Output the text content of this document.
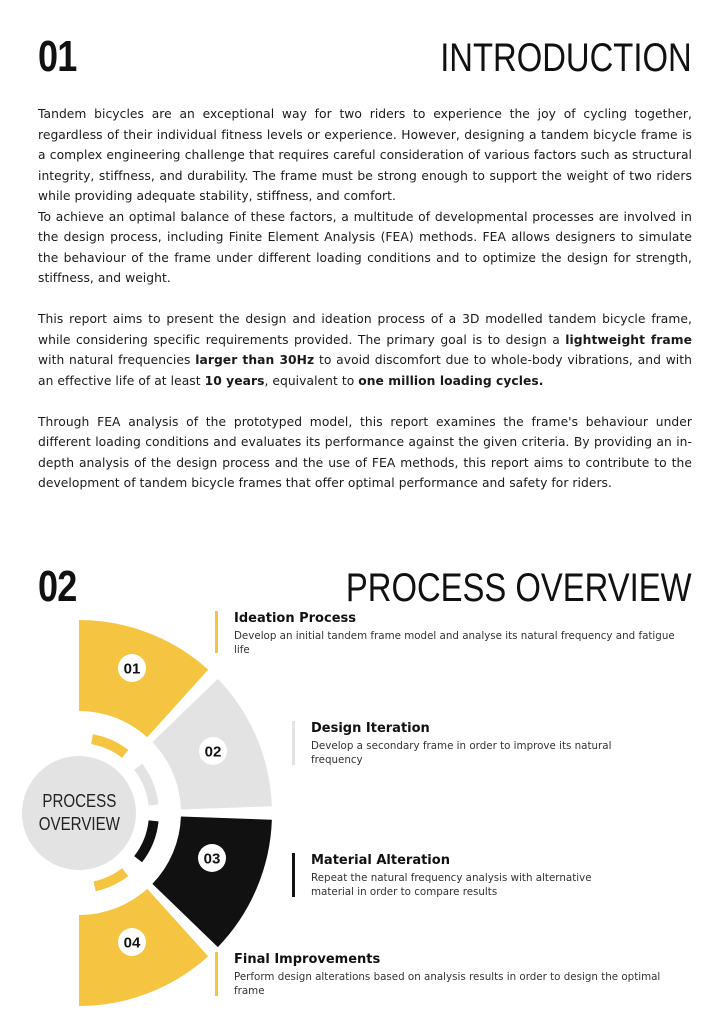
01	INTRODUCTION

Tandem bicycles are an exceptional way for two riders to experience the joy of cycling together, regardless of their individual fitness levels or experience. However, designing a tandem bicycle frame is a complex engineering challenge that requires careful consideration of various factors such as structural integrity, stiffness, and durability. The frame must be strong enough to support the weight of two riders while providing adequate stability, stiffness, and comfort.

To achieve an optimal balance of these factors, a multitude of developmental processes are involved in the design process, including Finite Element Analysis (FEA) methods. FEA allows designers to simulate the behaviour of the frame under different loading conditions and to optimize the design for strength, stiffness, and weight.

This report aims to present the design and ideation process of a 3D modelled tandem bicycle frame, while considering specific requirements provided. The primary goal is to design a lightweight frame with natural frequencies larger than 30Hz to avoid discomfort due to whole-body vibrations, and with an effective life of at least 10 years, equivalent to one million loading cycles.

Through FEA analysis of the prototyped model, this report examines the frame's behaviour under different loading conditions and evaluates its performance against the given criteria. By providing an in-depth analysis of the design process and the use of FEA methods, this report aims to contribute to the development of tandem bicycle frames that offer optimal performance and safety for riders.

02	PROCESS OVERVIEW
01
02
03
04
PROCESS
OVERVIEW
Ideation Process
Develop an initial tandem frame model and analyse its natural frequency and fatigue life
Design Iteration
Develop a secondary frame in order to improve its natural frequency
Material Alteration
Repeat the natural frequency analysis with alternative material in order to compare results
Final Improvements
Perform design alterations based on analysis results in order to design the optimal frame
